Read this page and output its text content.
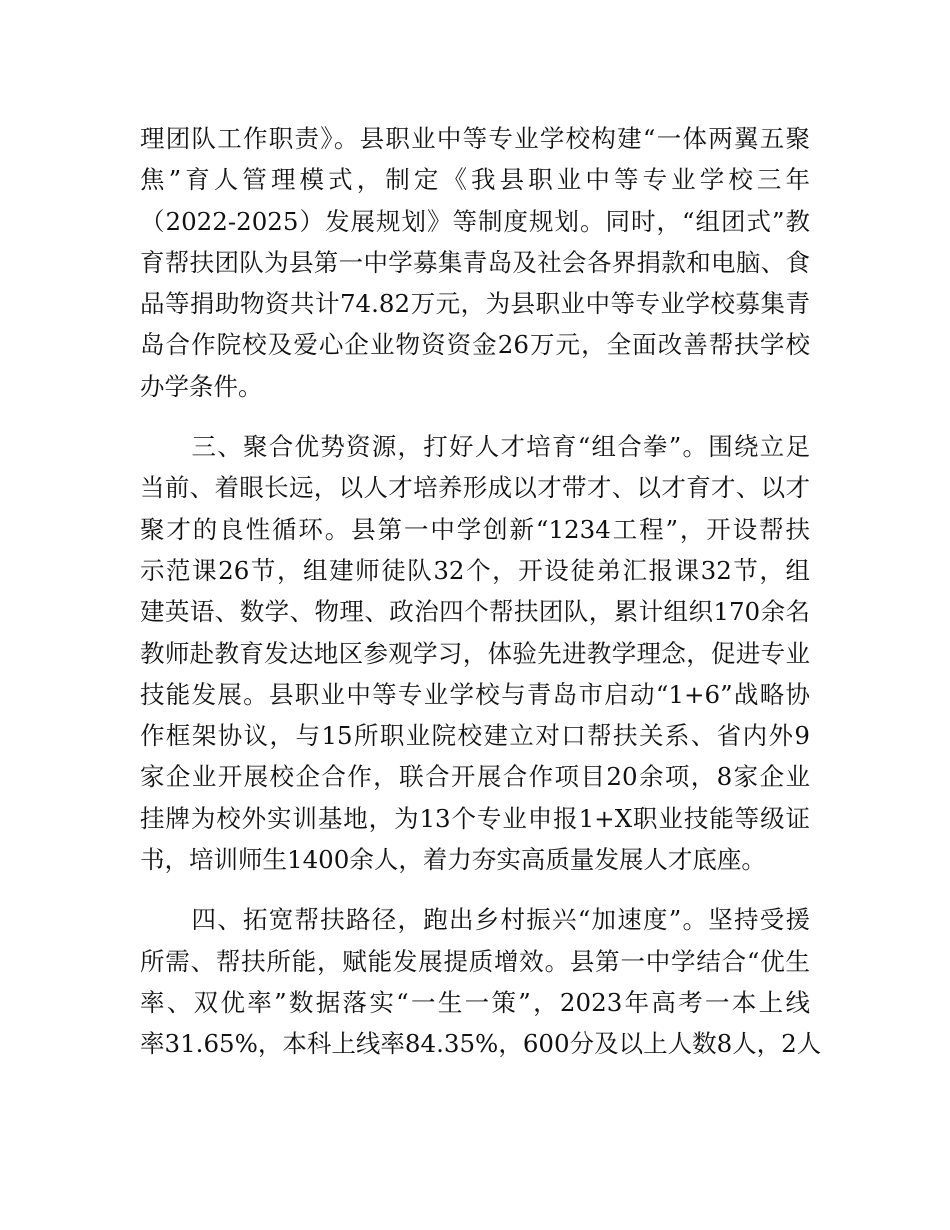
理团队工作职责》。县职业中等专业学校构建“一体两翼五聚
焦”育人管理模式，制定《我县职业中等专业学校三年
（2022-2025）发展规划》等制度规划。同时，“组团式”教
育帮扶团队为县第一中学募集青岛及社会各界捐款和电脑、食
品等捐助物资共计74.82万元，为县职业中等专业学校募集青
岛合作院校及爱心企业物资资金26万元，全面改善帮扶学校
办学条件。
　　三、聚合优势资源，打好人才培育“组合拳”。围绕立足
当前、着眼长远，以人才培养形成以才带才、以才育才、以才
聚才的良性循环。县第一中学创新“1234工程”，开设帮扶
示范课26节，组建师徒队32个，开设徒弟汇报课32节，组
建英语、数学、物理、政治四个帮扶团队，累计组织170余名
教师赴教育发达地区参观学习，体验先进教学理念，促进专业
技能发展。县职业中等专业学校与青岛市启动“1+6”战略协
作框架协议，与15所职业院校建立对口帮扶关系、省内外9
家企业开展校企合作，联合开展合作项目20余项，8家企业
挂牌为校外实训基地，为13个专业申报1+X职业技能等级证
书，培训师生1400余人，着力夯实高质量发展人才底座。
　　四、拓宽帮扶路径，跑出乡村振兴“加速度”。坚持受援
所需、帮扶所能，赋能发展提质增效。县第一中学结合“优生
率、双优率”数据落实“一生一策”，2023年高考一本上线
率31.65%，本科上线率84.35%，600分及以上人数8人，2人
